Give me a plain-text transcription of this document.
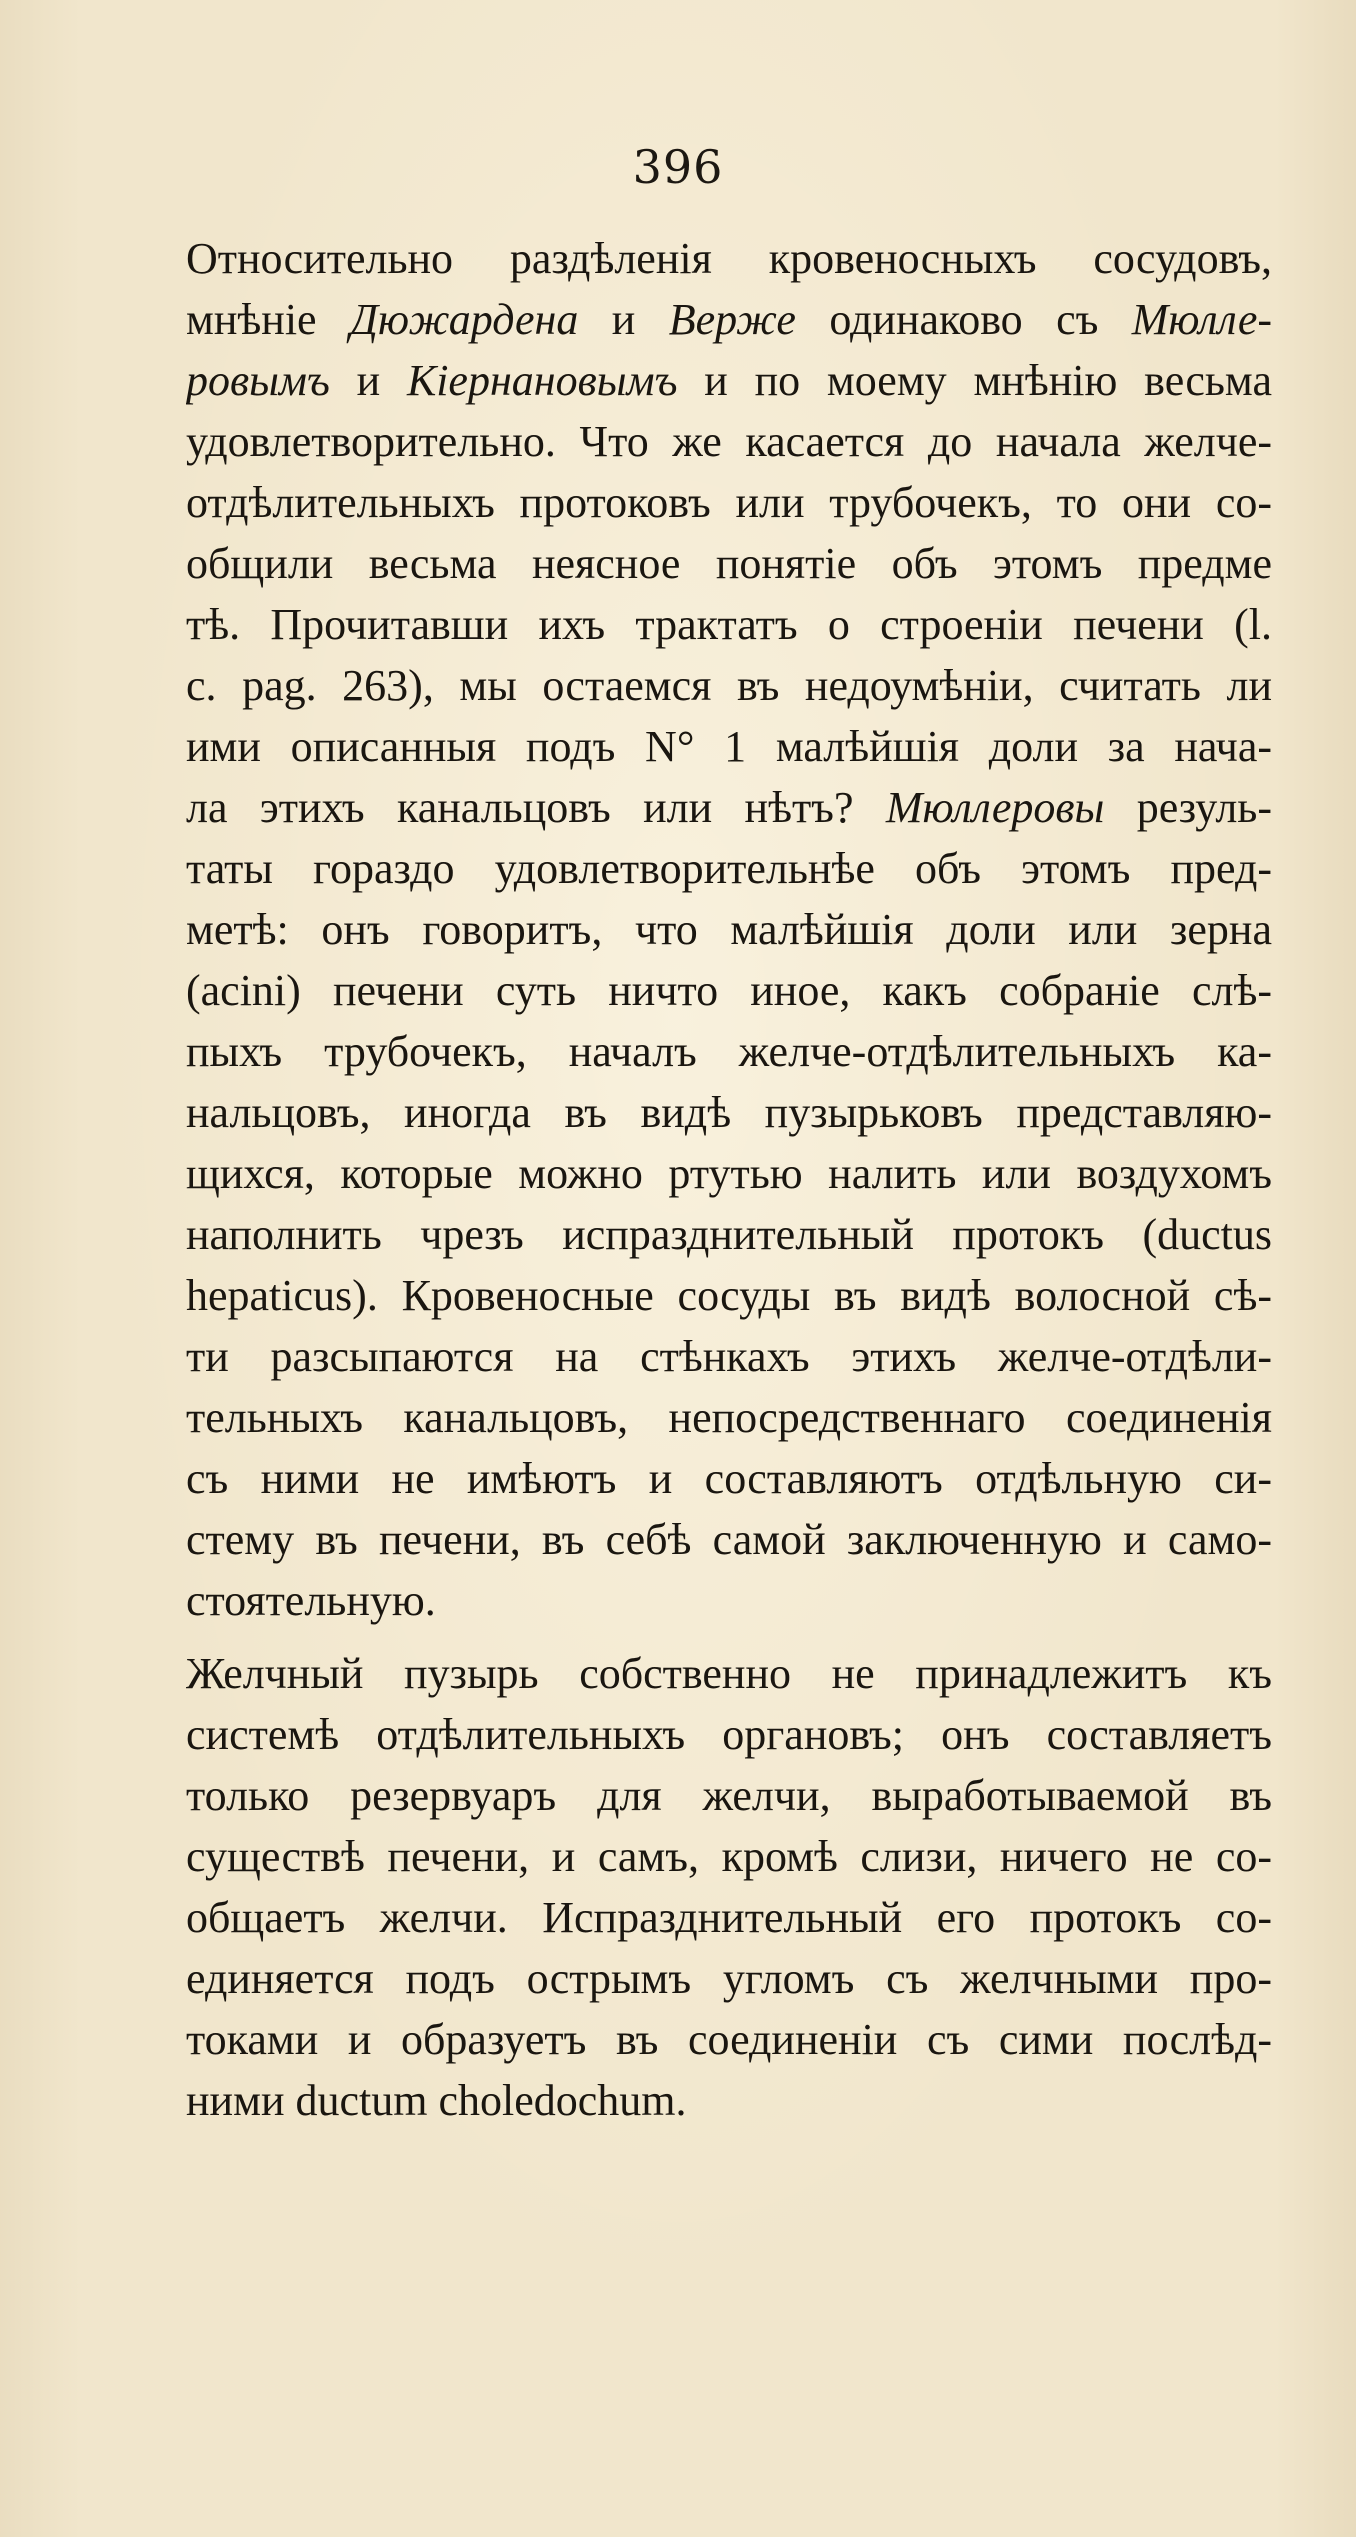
396
Относительно раздѣленія кровеносныхъ сосудовъ,
мнѣніе Дюжардена и Верже одинаково съ Мюлле-
ровымъ и Кіернановымъ и по моему мнѣнію весьма
удовлетворительно. Что же касается до начала желче-
отдѣлительныхъ протоковъ или трубочекъ, то они со-
общили весьма неясное понятіе объ этомъ предме
тѣ. Прочитавши ихъ трактатъ о строеніи печени (l.
c. pag. 263), мы остаемся въ недоумѣніи, считать ли
ими описанныя подъ N° 1 малѣйшія доли за нача-
ла этихъ канальцовъ или нѣтъ? Мюллеровы резуль-
таты гораздо удовлетворительнѣе объ этомъ пред-
метѣ: онъ говоритъ, что малѣйшія доли или зерна
(acini) печени суть ничто иное, какъ собраніе слѣ-
пыхъ трубочекъ, началъ желче-отдѣлительныхъ ка-
нальцовъ, иногда въ видѣ пузырьковъ представляю-
щихся, которые можно ртутью налить или воздухомъ
наполнить чрезъ испразднительный протокъ (ductus
hepaticus). Кровеносные сосуды въ видѣ волосной сѣ-
ти разсыпаются на стѣнкахъ этихъ желче-отдѣли-
тельныхъ канальцовъ, непосредственнаго соединенія
съ ними не имѣютъ и составляютъ отдѣльную си-
стему въ печени, въ себѣ самой заключенную и само-
стоятельную.
Желчный пузырь собственно не принадлежитъ къ
системѣ отдѣлительныхъ органовъ; онъ составляетъ
только резервуаръ для желчи, выработываемой въ
существѣ печени, и самъ, кромѣ слизи, ничего не со-
общаетъ желчи. Испразднительный его протокъ со-
единяется подъ острымъ угломъ съ желчными про-
токами и образуетъ въ соединеніи съ сими послѣд-
ними ductum choledochum.
